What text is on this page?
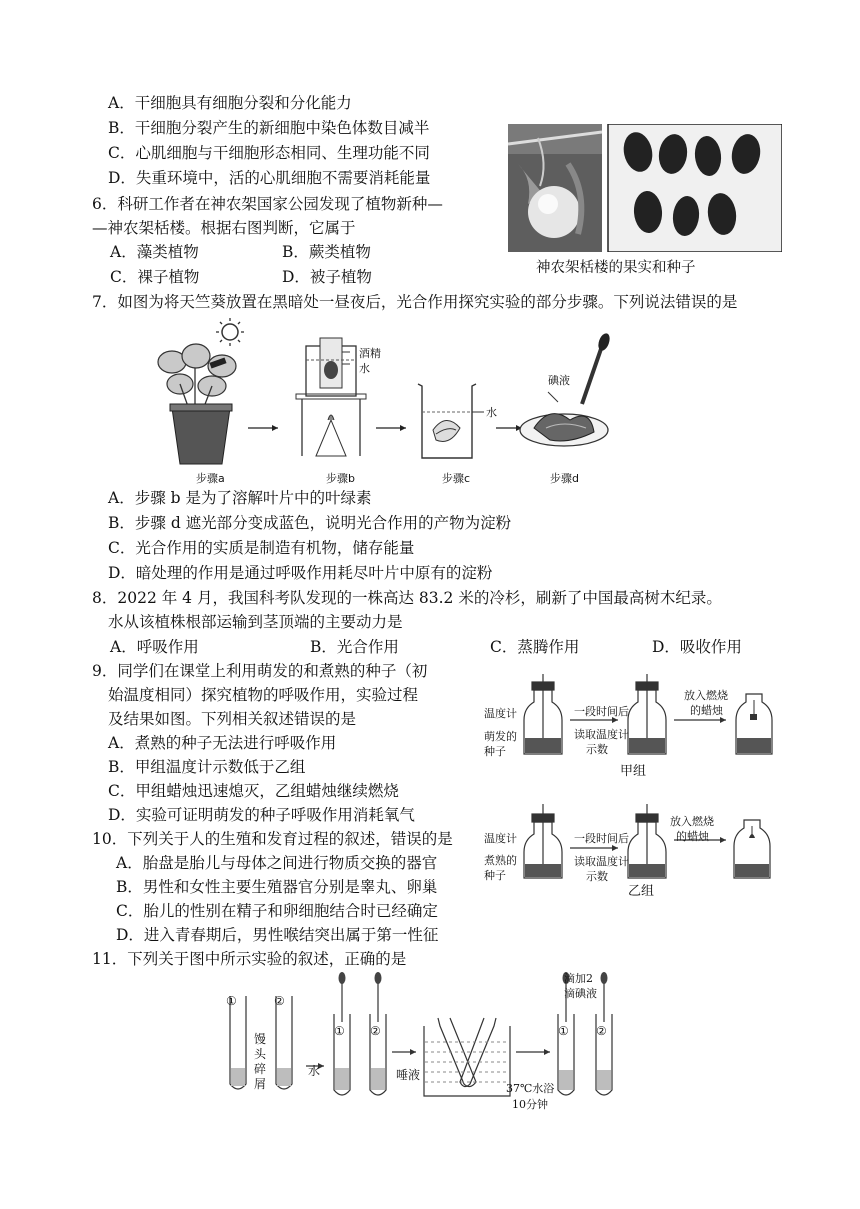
A．干细胞具有细胞分裂和分化能力
B．干细胞分裂产生的新细胞中染色体数目减半
C．心肌细胞与干细胞形态相同、生理功能不同
D．失重环境中，活的心肌细胞不需要消耗能量
6．科研工作者在神农架国家公园发现了植物新种—
—神农架栝楼。根据右图判断，它属于
A．藻类植物	B．蕨类植物
C．裸子植物	D．被子植物	神农架栝楼的果实和种子
7．如图为将天竺葵放置在黑暗处一昼夜后，光合作用探究实验的部分步骤。下列说法错误的是
酒精
水
水
碘液
步骤a	步骤b	步骤c	步骤d
A．步骤 b 是为了溶解叶片中的叶绿素
B．步骤 d 遮光部分变成蓝色，说明光合作用的产物为淀粉
C．光合作用的实质是制造有机物，储存能量
D．暗处理的作用是通过呼吸作用耗尽叶片中原有的淀粉
8．2022 年 4 月，我国科考队发现的一株高达 83.2 米的冷杉，刷新了中国最高树木纪录。
水从该植株根部运输到茎顶端的主要动力是
A．呼吸作用	B．光合作用	C．蒸腾作用	D．吸收作用
9．同学们在课堂上利用萌发的和煮熟的种子（初
始温度相同）探究植物的呼吸作用，实验过程
及结果如图。下列相关叙述错误的是
A．煮熟的种子无法进行呼吸作用
B．甲组温度计示数低于乙组
C．甲组蜡烛迅速熄灭，乙组蜡烛继续燃烧
D．实验可证明萌发的种子呼吸作用消耗氧气
温度计
萌发的
种子
一段时间后
读取温度计
示数
放入燃烧
的蜡烛
甲组
温度计
煮熟的
种子
一段时间后
读取温度计
示数
放入燃烧
的蜡烛
乙组
10．下列关于人的生殖和发育过程的叙述，错误的是
A．胎盘是胎儿与母体之间进行物质交换的器官
B．男性和女性主要生殖器官分别是睾丸、卵巢
C．胎儿的性别在精子和卵细胞结合时已经确定
D．进入青春期后，男性喉结突出属于第一性征
11．下列关于图中所示实验的叙述，正确的是
①	②
① ②	① ②
馒头碎屑
水	唾液
37℃水浴
10分钟
滴加2
滴碘液
